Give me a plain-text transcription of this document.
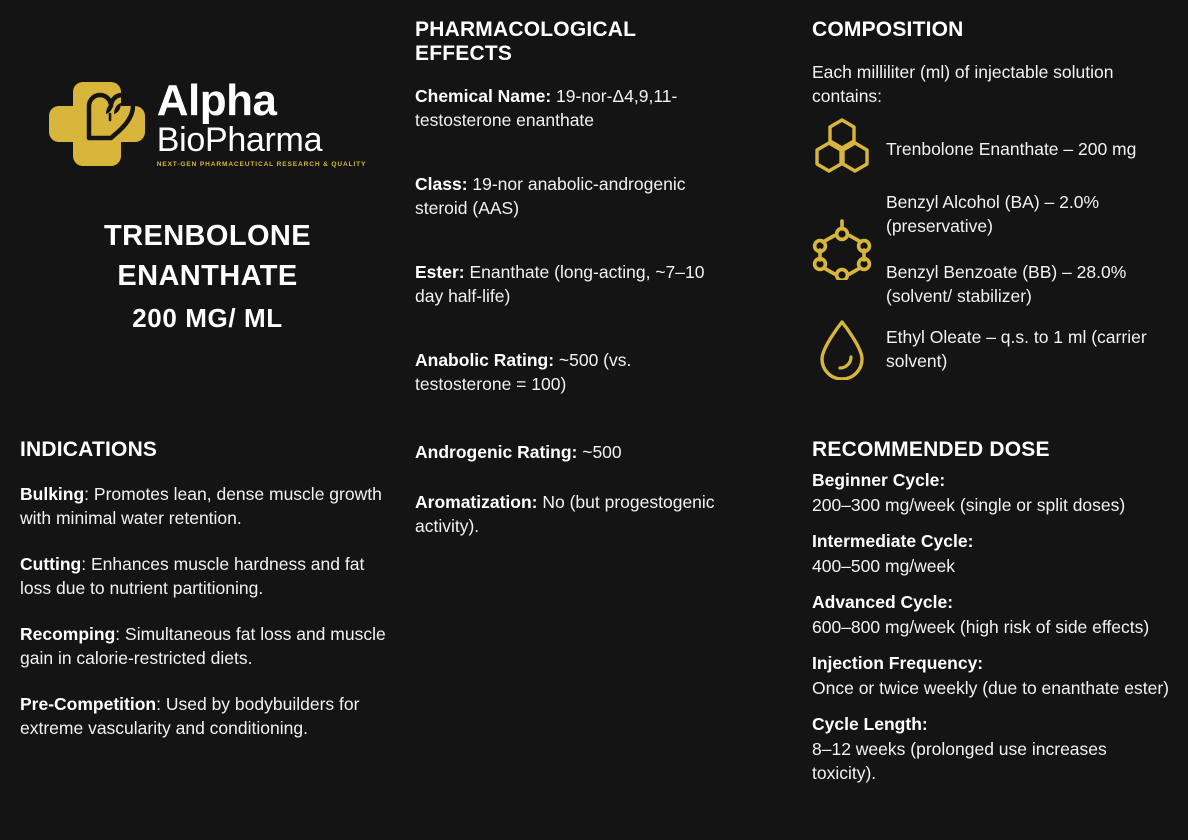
Alpha
BioPharma
NEXT-GEN PHARMACEUTICAL RESEARCH & QUALITY
TRENBOLONE
ENANTHATE
200 MG/ ML
INDICATIONS
Bulking: Promotes lean, dense muscle growth with minimal water retention.
Cutting: Enhances muscle hardness and fat loss due to nutrient partitioning.
Recomping: Simultaneous fat loss and muscle gain in calorie-restricted diets.
Pre-Competition: Used by bodybuilders for extreme vascularity and conditioning.
PHARMACOLOGICAL EFFECTS
Chemical Name: 19-nor-Δ4,9,11-testosterone enanthate
Class: 19-nor anabolic-androgenic steroid (AAS)
Ester: Enanthate (long-acting, ~7–10 day half-life)
Anabolic Rating: ~500 (vs. testosterone = 100)
Androgenic Rating: ~500
Aromatization: No (but progestogenic activity).
COMPOSITION
Each milliliter (ml) of injectable solution contains:
Trenbolone Enanthate – 200 mg
Benzyl Alcohol (BA) – 2.0% (preservative)
Benzyl Benzoate (BB) – 28.0% (solvent/ stabilizer)
Ethyl Oleate – q.s. to 1 ml (carrier solvent)
RECOMMENDED DOSE
Beginner Cycle:
200–300 mg/week (single or split doses)
Intermediate Cycle:
400–500 mg/week
Advanced Cycle:
600–800 mg/week (high risk of side effects)
Injection Frequency:
Once or twice weekly (due to enanthate ester)
Cycle Length:
8–12 weeks (prolonged use increases toxicity).
